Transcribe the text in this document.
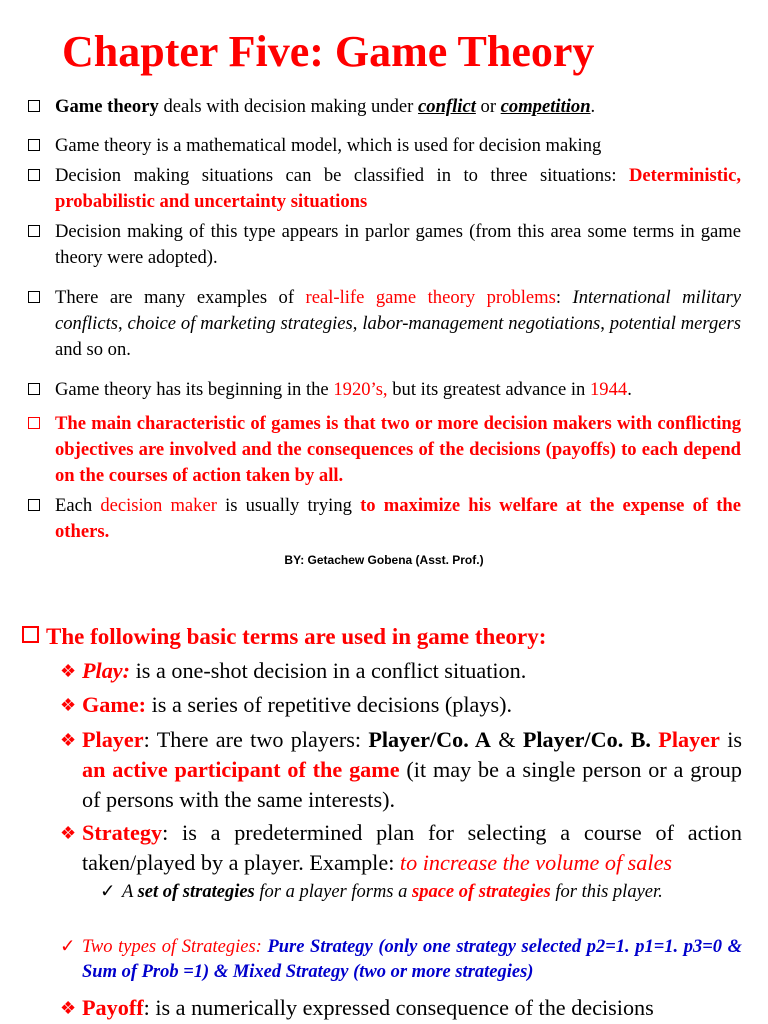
Chapter Five: Game Theory
Game theory deals with decision making under conflict or competition.
Game theory is a mathematical model, which is used for decision making
Decision making situations can be classified in to three situations: Deterministic, probabilistic and uncertainty situations
Decision making of this type appears in parlor games (from this area some terms in game theory were adopted).
There are many examples of real-life game theory problems: International military conflicts, choice of marketing strategies, labor-management negotiations, potential mergers and so on.
Game theory has its beginning in the 1920’s, but its greatest advance in 1944.
The main characteristic of games is that two or more decision makers with conflicting objectives are involved and the consequences of the decisions (payoffs) to each depend on the courses of action taken by all.
Each decision maker is usually trying to maximize his welfare at the expense of the others.
BY: Getachew Gobena (Asst. Prof.)
The following basic terms are used in game theory:
❖ Play: is a one-shot decision in a conflict situation.
❖ Game: is a series of repetitive decisions (plays).
❖ Player: There are two players: Player/Co. A & Player/Co. B. Player is an active participant of the game (it may be a single person or a group of persons with the same interests).
❖ Strategy: is a predetermined plan for selecting a course of action taken/played by a player. Example: to increase the volume of sales
✓ A set of strategies for a player forms a space of strategies for this player.
✓ Two types of Strategies: Pure Strategy (only one strategy selected p2=1. p1=1. p3=0 & Sum of Prob =1) & Mixed Strategy (two or more strategies)
❖ Payoff: is a numerically expressed consequence of the decisions
